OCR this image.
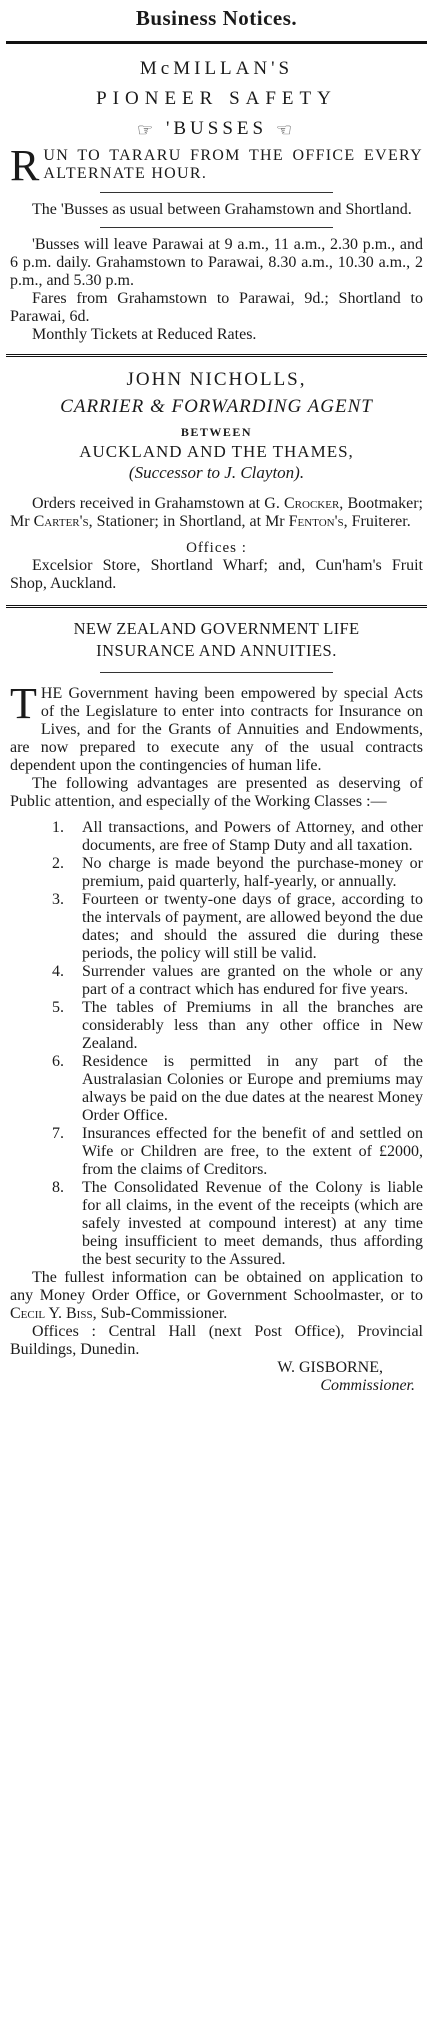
Business Notices.
McMILLAN'S
PIONEER SAFETY
☞ 'BUSSES ☜
R UN TO TARARU FROM THE OFFICE EVERY ALTERNATE HOUR.

The 'Busses as usual between Grahamstown and Shortland.

'Busses will leave Parawai at 9 a.m., 11 a.m., 2.30 p.m., and 6 p.m. daily. Grahamstown to Parawai, 8.30 a.m., 10.30 a.m., 2 p.m., and 5.30 p.m.

Fares from Grahamstown to Parawai, 9d.; Shortland to Parawai, 6d.

Monthly Tickets at Reduced Rates.

JOHN NICHOLLS,
CARRIER & FORWARDING AGENT
BETWEEN
AUCKLAND AND THE THAMES,
(Successor to J. Clayton).

Orders received in Grahamstown at G. Crocker, Bootmaker; Mr Carter's, Stationer; in Shortland, at Mr Fenton's, Fruiterer.

Offices :

Excelsior Store, Shortland Wharf; and, Cun'ham's Fruit Shop, Auckland.

NEW ZEALAND GOVERNMENT LIFE
INSURANCE AND ANNUITIES.
T HE Government having been empowered by special Acts of the Legislature to enter into contracts for Insurance on Lives, and for the Grants of Annuities and Endowments, are now prepared to execute any of the usual contracts dependent upon the contingencies of human life.

The following advantages are presented as deserving of Public attention, and especially of the Working Classes :—

1. All transactions, and Powers of Attorney, and other documents, are free of Stamp Duty and all taxation.
2. No charge is made beyond the purchase-money or premium, paid quarterly, half-yearly, or annually.
3. Fourteen or twenty-one days of grace, according to the intervals of payment, are allowed beyond the due dates; and should the assured die during these periods, the policy will still be valid.
4. Surrender values are granted on the whole or any part of a contract which has endured for five years.
5. The tables of Premiums in all the branches are considerably less than any other office in New Zealand.
6. Residence is permitted in any part of the Australasian Colonies or Europe and premiums may always be paid on the due dates at the nearest Money Order Office.
7. Insurances effected for the benefit of and settled on Wife or Children are free, to the extent of £2000, from the claims of Creditors.
8. The Consolidated Revenue of the Colony is liable for all claims, in the event of the receipts (which are safely invested at compound interest) at any time being insufficient to meet demands, thus affording the best security to the Assured.

The fullest information can be obtained on application to any Money Order Office, or Government Schoolmaster, or to Cecil Y. Biss, Sub-Commissioner.

Offices : Central Hall (next Post Office), Provincial Buildings, Dunedin.

W. GISBORNE,
Commissioner.
